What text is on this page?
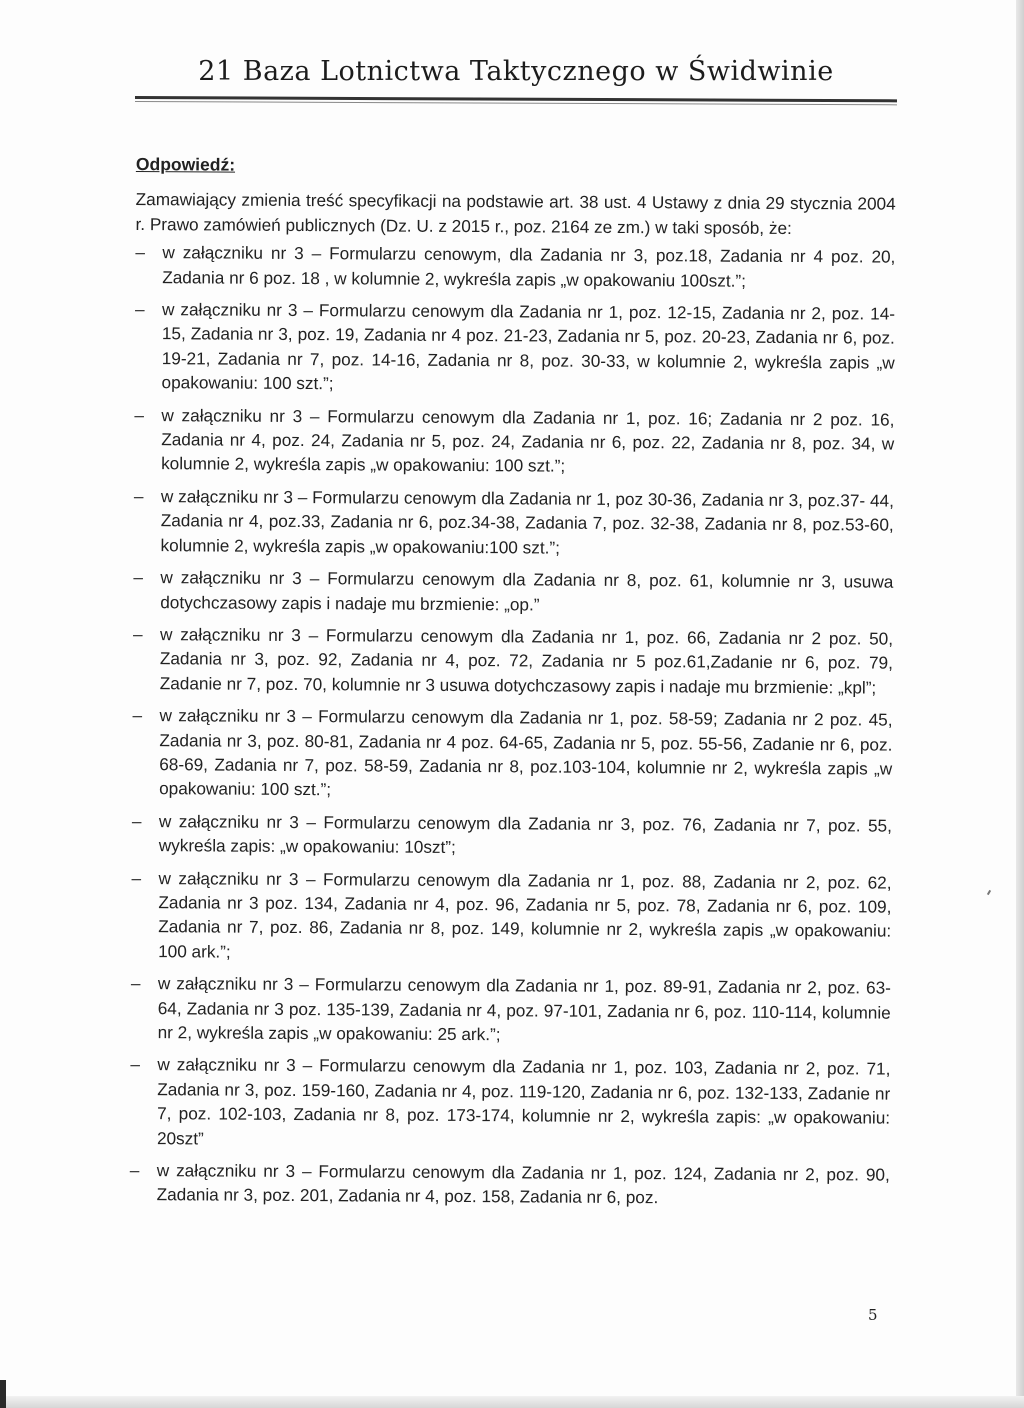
21 Baza Lotnictwa Taktycznego w Świdwinie
Odpowiedź:
Zamawiający zmienia treść specyfikacji na podstawie art. 38 ust. 4 Ustawy z dnia 29 stycznia 2004 r. Prawo zamówień publicznych (Dz. U. z 2015 r., poz. 2164 ze zm.) w taki sposób, że:
– w załączniku nr 3 – Formularzu cenowym, dla Zadania nr 3, poz.18, Zadania nr 4 poz. 20, Zadania nr 6 poz. 18 , w kolumnie 2, wykreśla zapis „w opakowaniu 100szt.”;
– w załączniku nr 3 – Formularzu cenowym dla Zadania nr 1, poz. 12-15, Zadania nr 2, poz. 14-15, Zadania nr 3, poz. 19, Zadania nr 4 poz. 21-23, Zadania nr 5, poz. 20-23, Zadania nr 6, poz. 19-21, Zadania nr 7, poz. 14-16, Zadania nr 8, poz. 30-33, w kolumnie 2, wykreśla zapis „w opakowaniu: 100 szt.”;
– w załączniku nr 3 – Formularzu cenowym dla Zadania nr 1, poz. 16; Zadania nr 2 poz. 16, Zadania nr 4, poz. 24, Zadania nr 5, poz. 24, Zadania nr 6, poz. 22, Zadania nr 8, poz. 34, w kolumnie 2, wykreśla zapis „w opakowaniu: 100 szt.”;
– w załączniku nr 3 – Formularzu cenowym dla Zadania nr 1, poz 30-36, Zadania nr 3, poz.37- 44, Zadania nr 4, poz.33, Zadania nr 6, poz.34-38, Zadania 7, poz. 32-38, Zadania nr 8, poz.53-60, kolumnie 2, wykreśla zapis „w opakowaniu:100 szt.”;
– w załączniku nr 3 – Formularzu cenowym dla Zadania nr 8, poz. 61, kolumnie nr 3, usuwa dotychczasowy zapis i nadaje mu brzmienie: „op.”
– w załączniku nr 3 – Formularzu cenowym dla Zadania nr 1, poz. 66, Zadania nr 2 poz. 50, Zadania nr 3, poz. 92, Zadania nr 4, poz. 72, Zadania nr 5 poz.61,Zadanie nr 6, poz. 79, Zadanie nr 7, poz. 70, kolumnie nr 3 usuwa dotychczasowy zapis i nadaje mu brzmienie: „kpl”;
– w załączniku nr 3 – Formularzu cenowym dla Zadania nr 1, poz. 58-59; Zadania nr 2 poz. 45, Zadania nr 3, poz. 80-81, Zadania nr 4 poz. 64-65, Zadania nr 5, poz. 55-56, Zadanie nr 6, poz. 68-69, Zadania nr 7, poz. 58-59, Zadania nr 8, poz.103-104, kolumnie nr 2, wykreśla zapis „w opakowaniu: 100 szt.”;
– w załączniku nr 3 – Formularzu cenowym dla Zadania nr 3, poz. 76, Zadania nr 7, poz. 55, wykreśla zapis: „w opakowaniu: 10szt”;
– w załączniku nr 3 – Formularzu cenowym dla Zadania nr 1, poz. 88, Zadania nr 2, poz. 62, Zadania nr 3 poz. 134, Zadania nr 4, poz. 96, Zadania nr 5, poz. 78, Zadania nr 6, poz. 109, Zadania nr 7, poz. 86, Zadania nr 8, poz. 149, kolumnie nr 2, wykreśla zapis „w opakowaniu: 100 ark.”;
– w załączniku nr 3 – Formularzu cenowym dla Zadania nr 1, poz. 89-91, Zadania nr 2, poz. 63-64, Zadania nr 3 poz. 135-139, Zadania nr 4, poz. 97-101, Zadania nr 6, poz. 110-114, kolumnie nr 2, wykreśla zapis „w opakowaniu: 25 ark.”;
– w załączniku nr 3 – Formularzu cenowym dla Zadania nr 1, poz. 103, Zadania nr 2, poz. 71, Zadania nr 3, poz. 159-160, Zadania nr 4, poz. 119-120, Zadania nr 6, poz. 132-133, Zadanie nr 7, poz. 102-103, Zadania nr 8, poz. 173-174, kolumnie nr 2, wykreśla zapis: „w opakowaniu: 20szt”
– w załączniku nr 3 – Formularzu cenowym dla Zadania nr 1, poz. 124, Zadania nr 2, poz. 90, Zadania nr 3, poz. 201, Zadania nr 4, poz. 158, Zadania nr 6, poz.
5
